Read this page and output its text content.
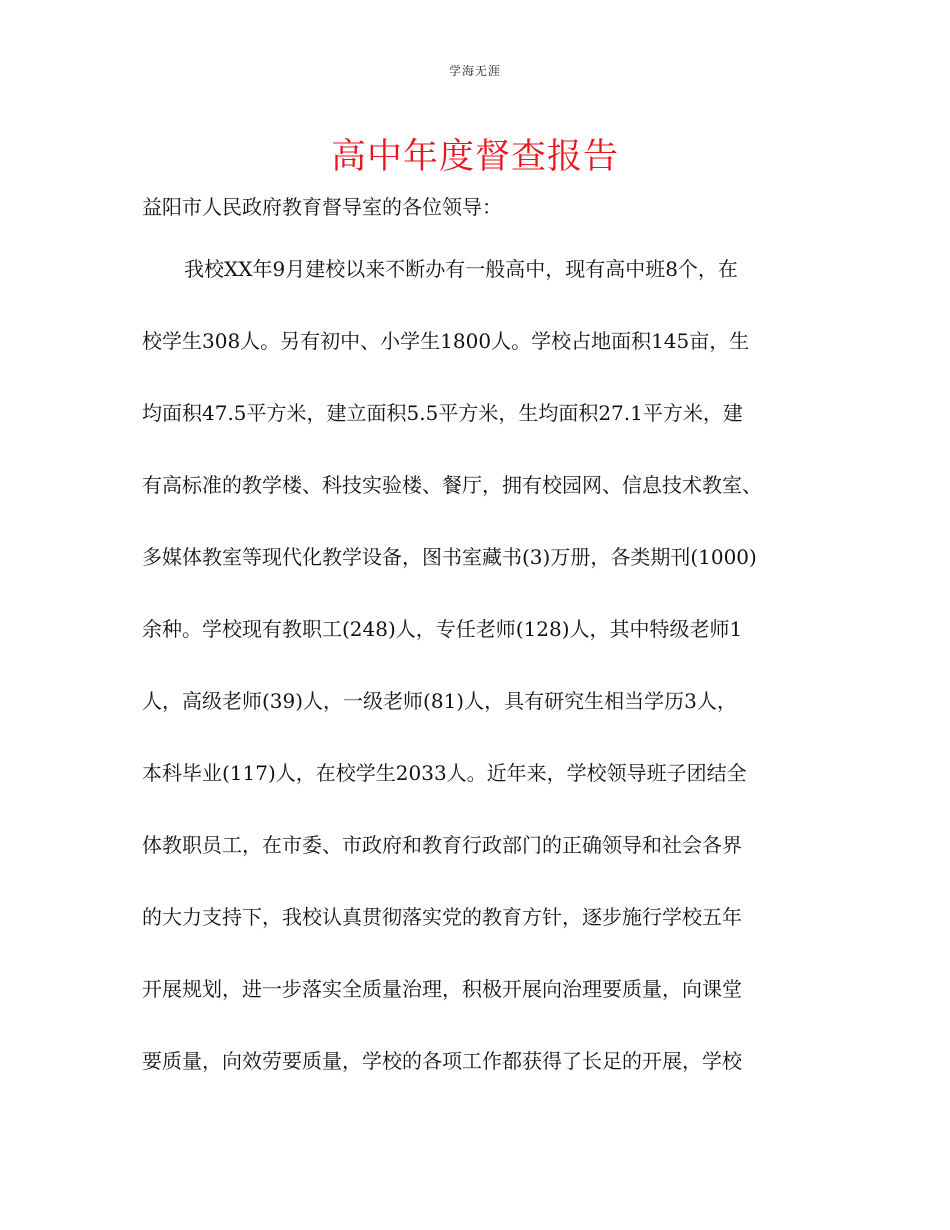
学海无涯
高中年度督查报告
益阳市人民政府教育督导室的各位领导：
我校XX年9月建校以来不断办有一般高中，现有高中班8个，在
校学生308人。另有初中、小学生1800人。学校占地面积145亩，生
均面积47.5平方米，建立面积5.5平方米，生均面积27.1平方米，建
有高标准的教学楼、科技实验楼、餐厅，拥有校园网、信息技术教室、
多媒体教室等现代化教学设备，图书室藏书(3)万册，各类期刊(1000)
余种。学校现有教职工(248)人，专任老师(128)人，其中特级老师1
人，高级老师(39)人，一级老师(81)人，具有研究生相当学历3人，
本科毕业(117)人，在校学生2033人。近年来，学校领导班子团结全
体教职员工，在市委、市政府和教育行政部门的正确领导和社会各界
的大力支持下，我校认真贯彻落实党的教育方针，逐步施行学校五年
开展规划，进一步落实全质量治理，积极开展向治理要质量，向课堂
要质量，向效劳要质量，学校的各项工作都获得了长足的开展，学校
